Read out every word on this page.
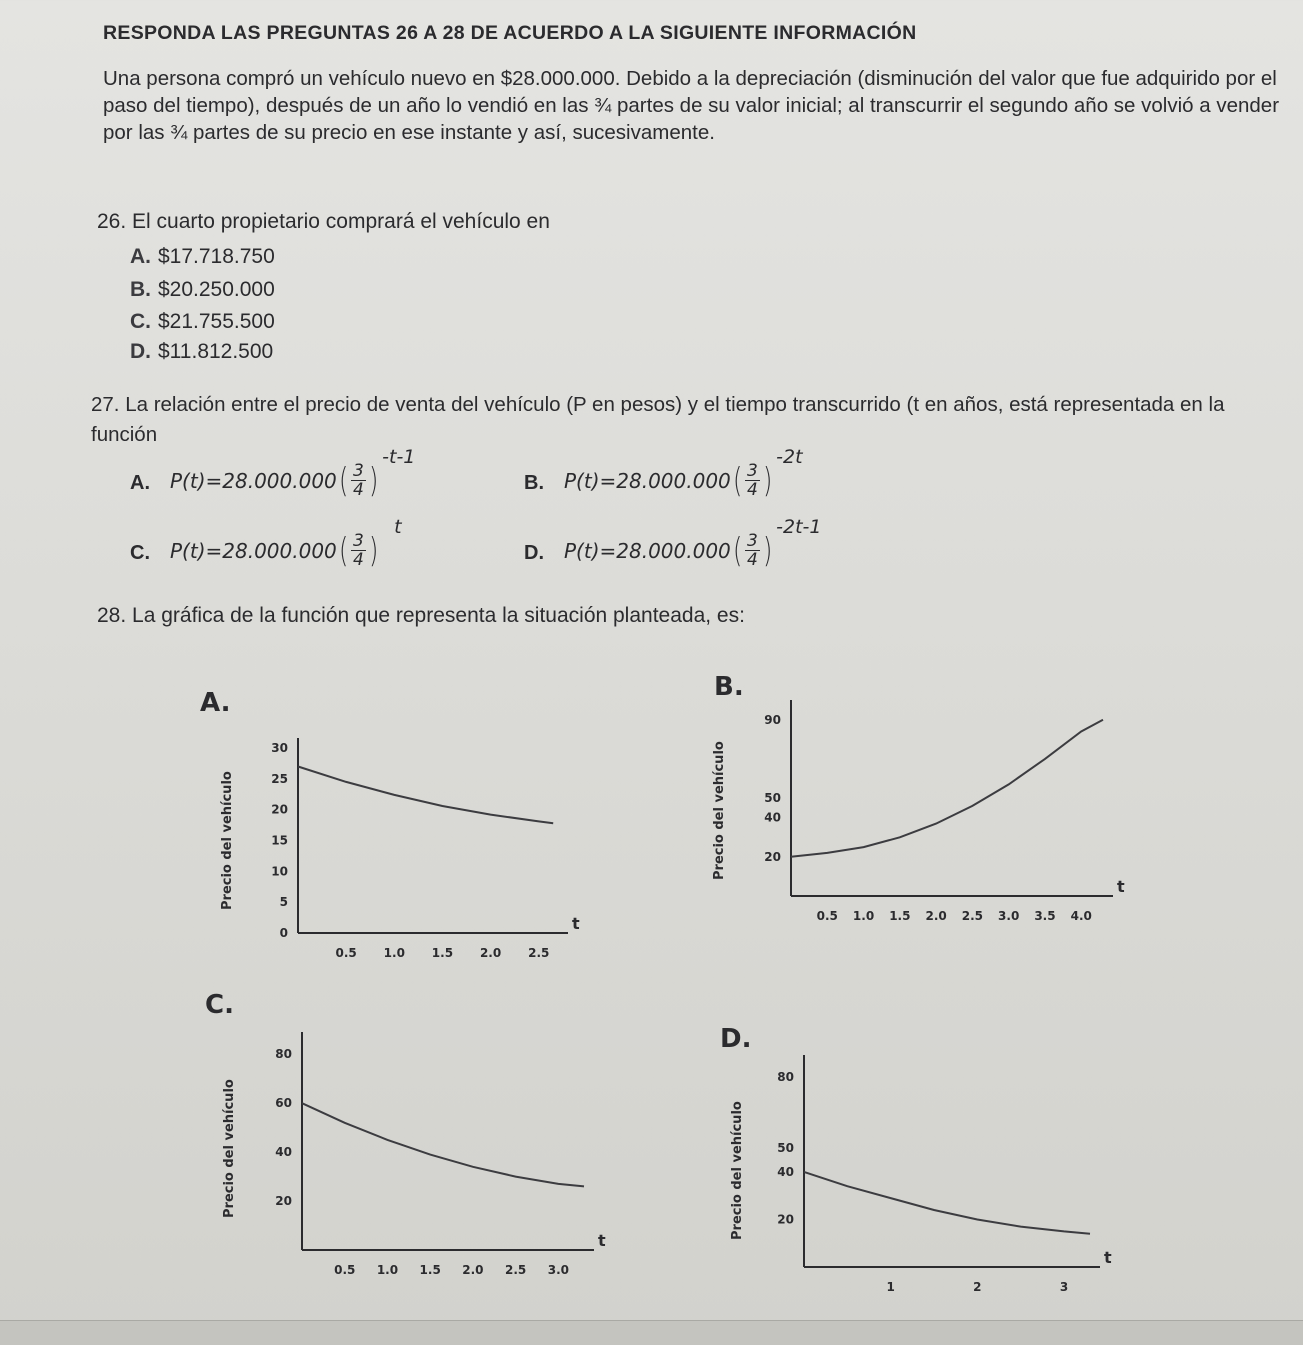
RESPONDA LAS PREGUNTAS 26 A 28 DE ACUERDO A LA SIGUIENTE INFORMACIÓN

Una persona compró un vehículo nuevo en $28.000.000. Debido a la depreciación (disminución del valor que fue adquirido por el paso del tiempo), después de un año lo vendió en las ¾ partes de su valor inicial; al transcurrir el segundo año se volvió a vender por las ¾ partes de su precio en ese instante y así, sucesivamente.

26. El cuarto propietario comprará el vehículo en
A. $17.718.750
B. $20.250.000
C. $21.755.500
D. $11.812.500

27. La relación entre el precio de venta del vehículo (P en pesos) y el tiempo transcurrido (t en años, está representada en la función

A. P(t)=28.000.000 ( $\frac{3}{4}$ )
-t-1
B. P(t)=28.000.000 ( $\frac{3}{4}$ )
-2t
C. P(t)=28.000.000 ( $\frac{3}{4}$ )
t
D. P(t)=28.000.000 ( $\frac{3}{4}$ )
-2t-1
28. La gráfica de la función que representa la situación planteada, es:
A.
Precio del vehículo
0.5 1.0 1.5 2.0 2.5
30
25
20
15
10
5
0	t
B.
Precio del vehículo
0.5 1.0 1.5 2.0 2.5 3.0 3.5 4.0
90
50
40
20
t
C.
Precio del vehículo
0.5 1.0 1.5 2.0 2.5 3.0
80
60
40
20
t
D.
Precio del vehículo
1	2	3
80
50
40
20
t
